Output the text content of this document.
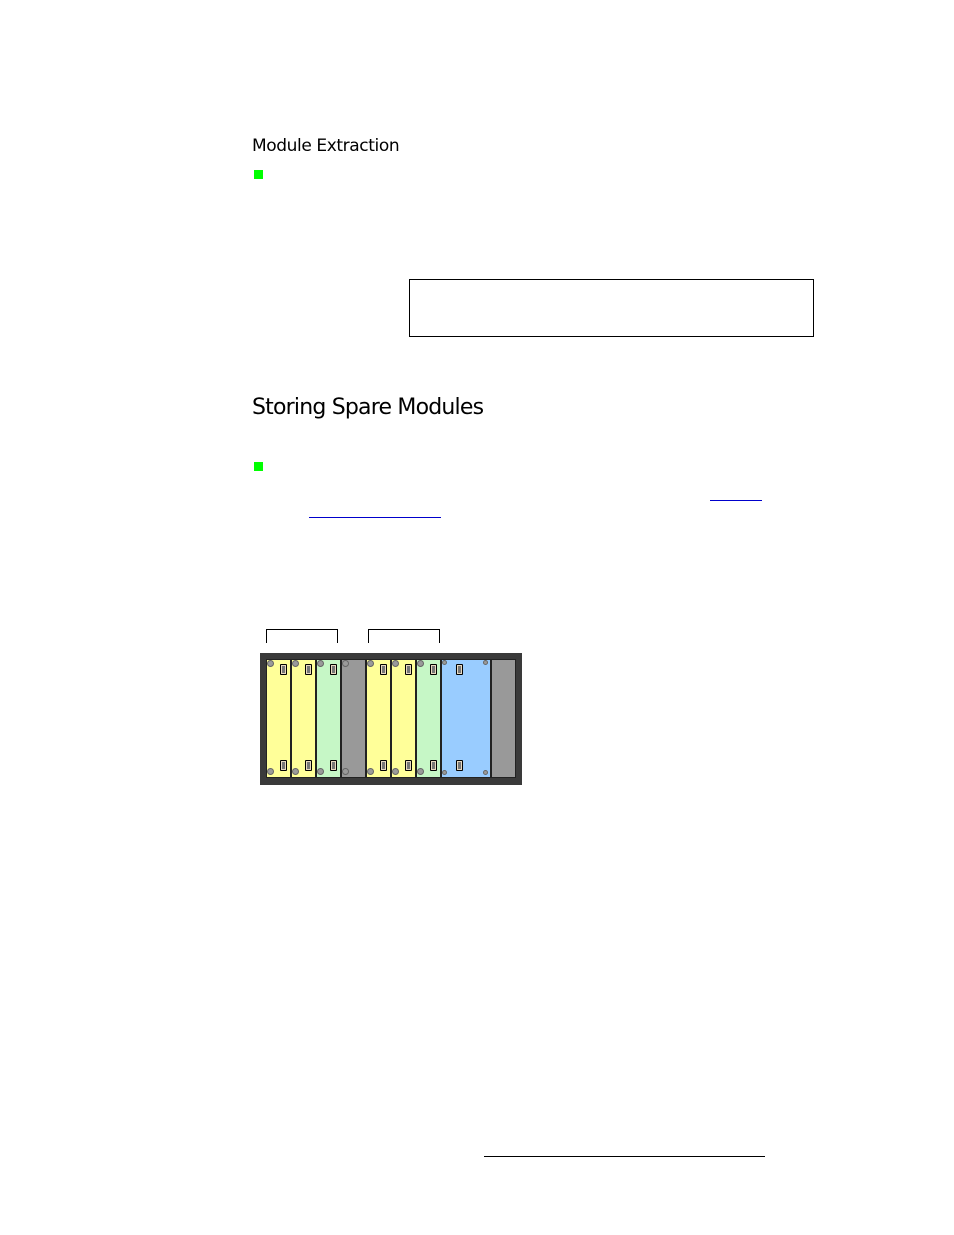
Module Extraction
Storing Spare Modules
